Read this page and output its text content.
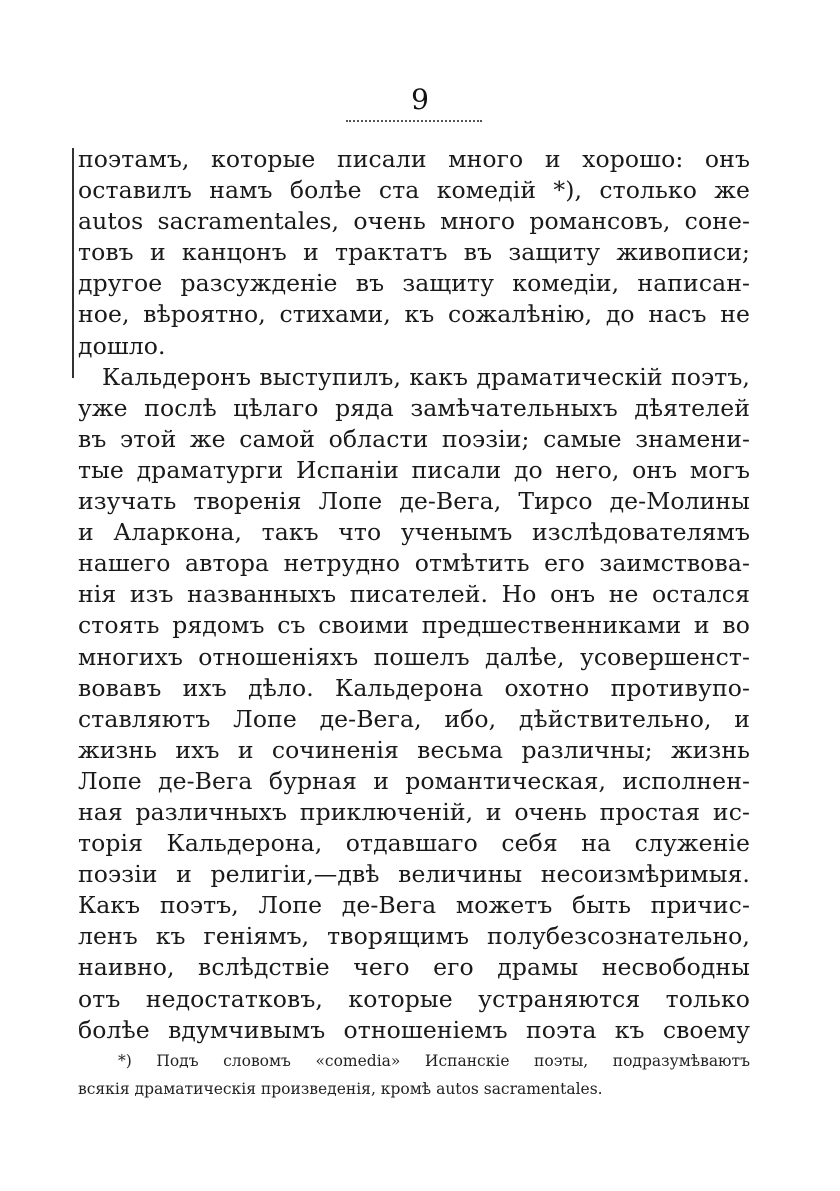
9
поэтамъ, которые писали много и хорошо: онъ
оставилъ намъ болѣе ста комедій *), столько же
autos sacramentales, очень много романсовъ, соне-
товъ и канцонъ и трактатъ въ защиту живописи;
другое разсужденіе въ защиту комедіи, написан-
ное, вѣроятно, стихами, къ сожалѣнію, до насъ не
дошло.
Кальдеронъ выступилъ, какъ драматическій поэтъ,
уже послѣ цѣлаго ряда замѣчательныхъ дѣятелей
въ этой же самой области поэзіи; самые знамени-
тые драматурги Испаніи писали до него, онъ могъ
изучать творенія Лопе де-Вега, Тирсо де-Молины
и Аларкона, такъ что ученымъ изслѣдователямъ
нашего автора нетрудно отмѣтить его заимствова-
нія изъ названныхъ писателей. Но онъ не остался
стоять рядомъ съ своими предшественниками и во
многихъ отношеніяхъ пошелъ далѣе, усовершенст-
вовавъ ихъ дѣло. Кальдерона охотно противупо-
ставляютъ Лопе де-Вега, ибо, дѣйствительно, и
жизнь ихъ и сочиненія весьма различны; жизнь
Лопе де-Вега бурная и романтическая, исполнен-
ная различныхъ приключеній, и очень простая ис-
торія Кальдерона, отдавшаго себя на служеніе
поэзіи и религіи,—двѣ величины несоизмѣримыя.
Какъ поэтъ, Лопе де-Вега можетъ быть причис-
ленъ къ геніямъ, творящимъ полубезсознательно,
наивно, вслѣдствіе чего его драмы несвободны
отъ недостатковъ, которые устраняются только
болѣе вдумчивымъ отношеніемъ поэта къ своему
*) Подъ словомъ «comedia» Испанскіе поэты, подразумѣваютъ
всякія драматическія произведенія, кромѣ autos sacramentales.
